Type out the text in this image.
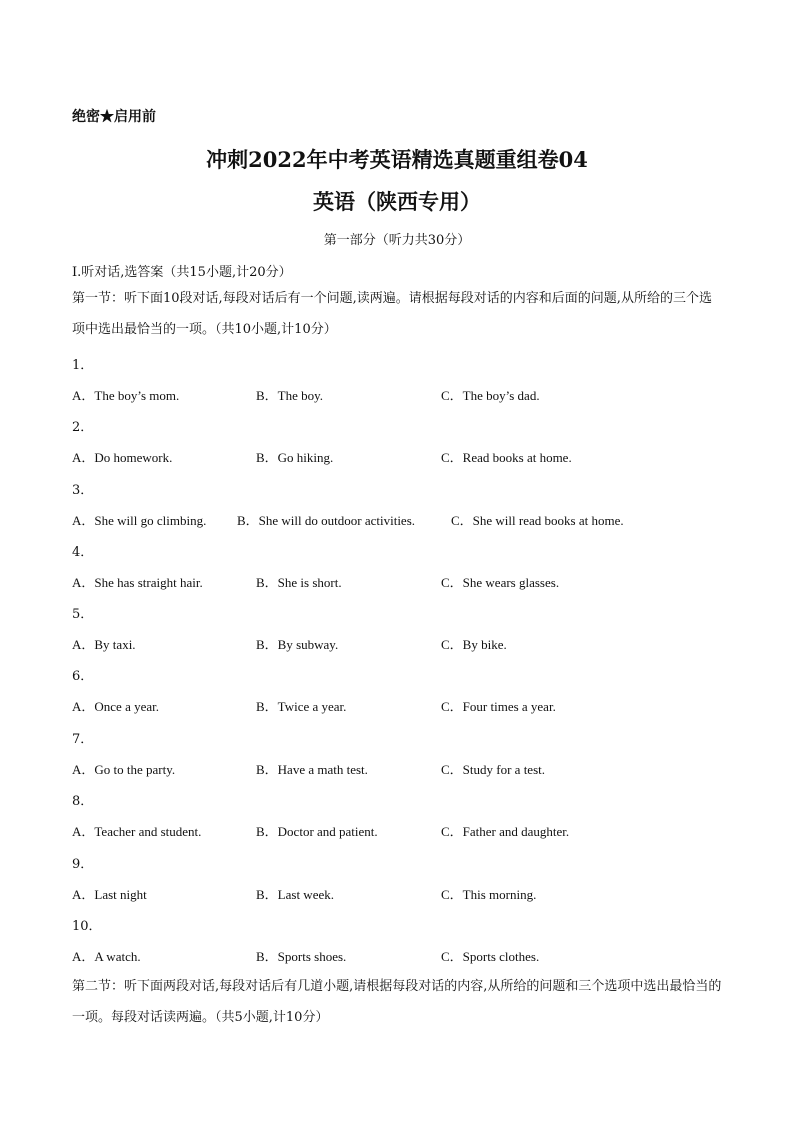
绝密★启用前
冲刺2022年中考英语精选真题重组卷04
英语（陕西专用）
第一部分（听力共30分）
Ⅰ.听对话,选答案（共15小题,计20分）
第一节：听下面10段对话,每段对话后有一个问题,读两遍。请根据每段对话的内容和后面的问题,从所给的三个选项中选出最恰当的一项。（共10小题,计10分）
1．
A．The boy’s mom.	B．The boy.	C．The boy’s dad.
2．
A．Do homework.	B．Go hiking.	C．Read books at home.
3．
A．She will go climbing. B．She will do outdoor activities.	C．She will read books at home.
4．
A．She has straight hair.	B．She is short.	C．She wears glasses.
5．
A．By taxi.	B．By subway.	C．By bike.
6．
A．Once a year.	B．Twice a year.	C．Four times a year.
7．
A．Go to the party.	B．Have a math test.	C．Study for a test.
8．
A．Teacher and student.	B．Doctor and patient.	C．Father and daughter.
9．
A．Last night	B．Last week.	C．This morning.
10．
A．A watch.	B．Sports shoes.	C．Sports clothes.
第二节：听下面两段对话,每段对话后有几道小题,请根据每段对话的内容,从所给的问题和三个选项中选出最恰当的一项。每段对话读两遍。（共5小题,计10分）
